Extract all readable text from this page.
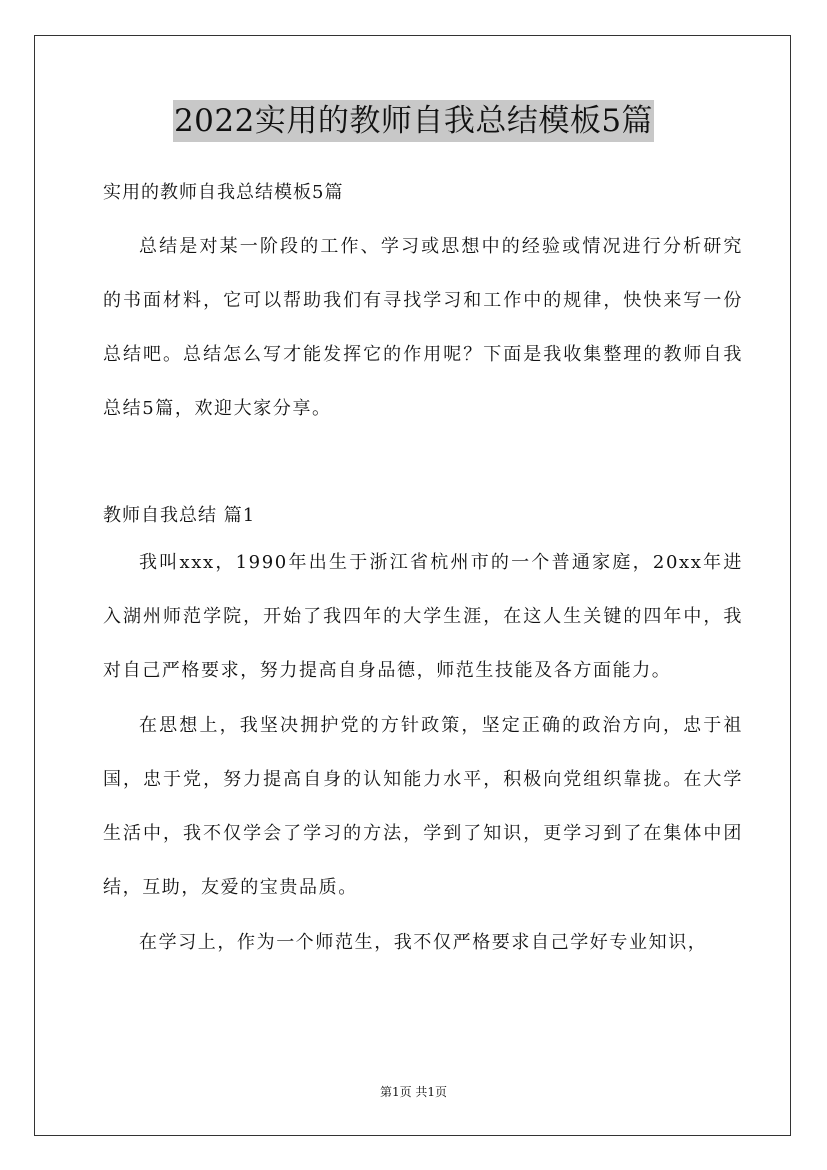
2022实用的教师自我总结模板5篇

实用的教师自我总结模板5篇

总结是对某一阶段的工作、学习或思想中的经验或情况进行分析研究的书面材料，它可以帮助我们有寻找学习和工作中的规律，快快来写一份总结吧。总结怎么写才能发挥它的作用呢？下面是我收集整理的教师自我总结5篇，欢迎大家分享。

教师自我总结 篇1

我叫xxx，1990年出生于浙江省杭州市的一个普通家庭，20xx年进入湖州师范学院，开始了我四年的大学生涯，在这人生关键的四年中，我对自己严格要求，努力提高自身品德，师范生技能及各方面能力。

在思想上，我坚决拥护党的方针政策，坚定正确的政治方向，忠于祖国，忠于党，努力提高自身的认知能力水平，积极向党组织靠拢。在大学生活中，我不仅学会了学习的方法，学到了知识，更学习到了在集体中团结，互助，友爱的宝贵品质。

在学习上，作为一个师范生，我不仅严格要求自己学好专业知识，

第1页 共1页
